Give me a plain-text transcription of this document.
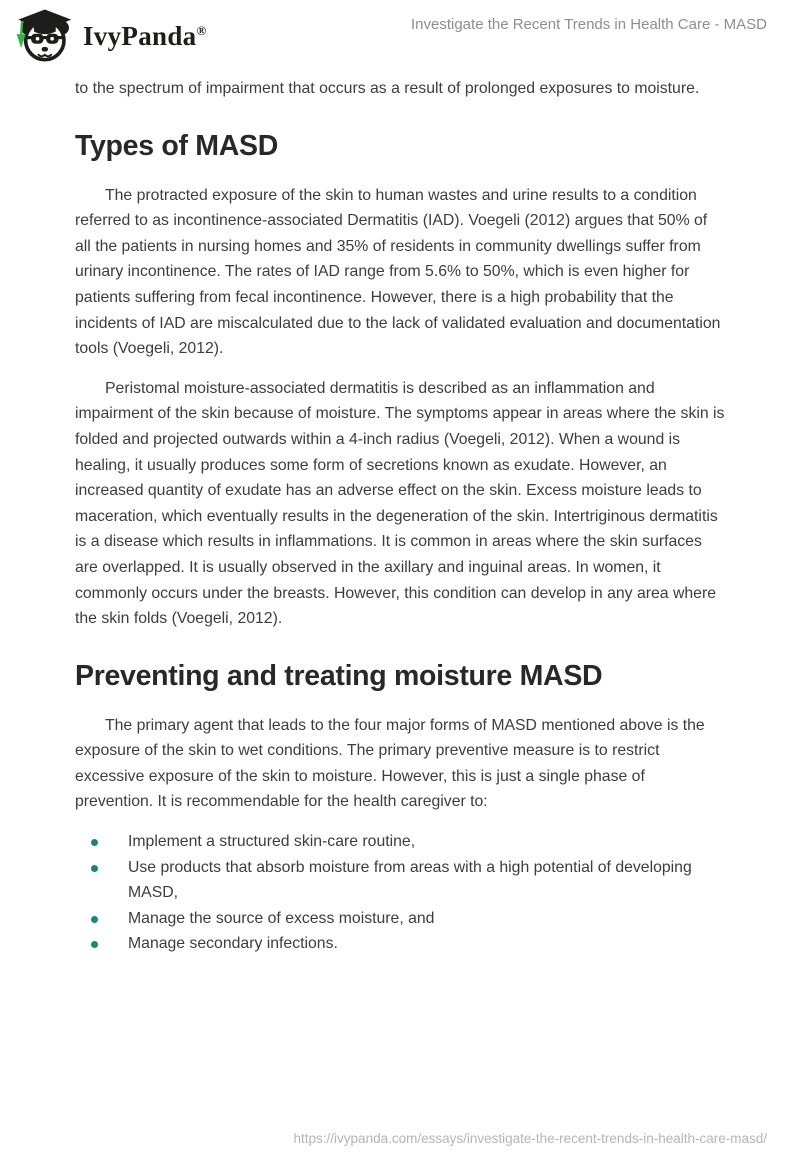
IvyPanda®	Investigate the Recent Trends in Health Care - MASD

to the spectrum of impairment that occurs as a result of prolonged exposures to moisture.

Types of MASD

The protracted exposure of the skin to human wastes and urine results to a condition referred to as incontinence-associated Dermatitis (IAD). Voegeli (2012) argues that 50% of all the patients in nursing homes and 35% of residents in community dwellings suffer from urinary incontinence. The rates of IAD range from 5.6% to 50%, which is even higher for patients suffering from fecal incontinence. However, there is a high probability that the incidents of IAD are miscalculated due to the lack of validated evaluation and documentation tools (Voegeli, 2012).

Peristomal moisture-associated dermatitis is described as an inflammation and impairment of the skin because of moisture. The symptoms appear in areas where the skin is folded and projected outwards within a 4-inch radius (Voegeli, 2012). When a wound is healing, it usually produces some form of secretions known as exudate. However, an increased quantity of exudate has an adverse effect on the skin. Excess moisture leads to maceration, which eventually results in the degeneration of the skin. Intertriginous dermatitis is a disease which results in inflammations. It is common in areas where the skin surfaces are overlapped. It is usually observed in the axillary and inguinal areas. In women, it commonly occurs under the breasts. However, this condition can develop in any area where the skin folds (Voegeli, 2012).

Preventing and treating moisture MASD

The primary agent that leads to the four major forms of MASD mentioned above is the exposure of the skin to wet conditions. The primary preventive measure is to restrict excessive exposure of the skin to moisture. However, this is just a single phase of prevention. It is recommendable for the health caregiver to:

Implement a structured skin-care routine,
Use products that absorb moisture from areas with a high potential of developing MASD,
Manage the source of excess moisture, and
Manage secondary infections.
https://ivypanda.com/essays/investigate-the-recent-trends-in-health-care-masd/
